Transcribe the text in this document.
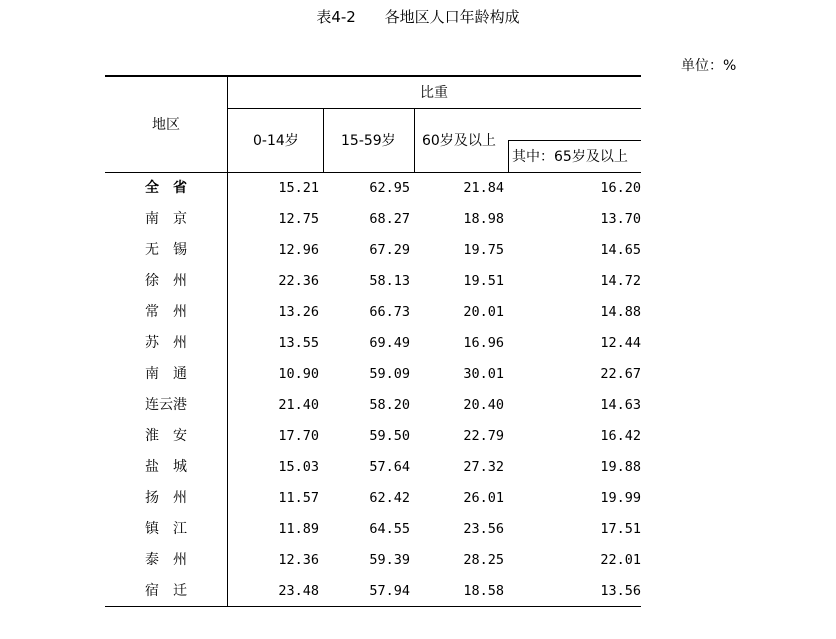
表4-2 各地区人口年龄构成
单位：%
地区
比重
0-14岁	15-59岁 60岁及以上
其中：65岁及以上
全　省	15.21	62.95	21.84	16.20
南　京	12.75	68.27	18.98	13.70
无　锡	12.96	67.29	19.75	14.65
徐　州	22.36	58.13	19.51	14.72
常　州	13.26	66.73	20.01	14.88
苏　州	13.55	69.49	16.96	12.44
南　通	10.90	59.09	30.01	22.67
连云港	21.40	58.20	20.40	14.63
淮　安	17.70	59.50	22.79	16.42
盐　城	15.03	57.64	27.32	19.88
扬　州	11.57	62.42	26.01	19.99
镇　江	11.89	64.55	23.56	17.51
泰　州	12.36	59.39	28.25	22.01
宿　迁	23.48	57.94	18.58	13.56
